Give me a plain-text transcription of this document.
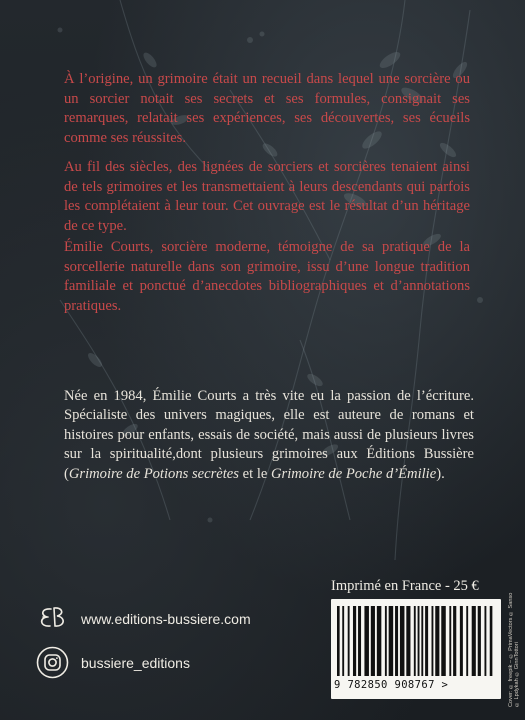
À l’origine, un grimoire était un recueil dans lequel une sorcière ou un sorcier notait ses secrets et ses formules, consignait ses remarques, relatait ses expériences, ses découvertes, ses écueils comme ses réussites.

Au fil des siècles, des lignées de sorciers et sorcières tenaient ainsi de tels grimoires et les transmettaient à leurs descendants qui parfois les complétaient à leur tour. Cet ouvrage est le résultat d’un héritage de ce type.

Émilie Courts, sorcière moderne, témoigne de sa pratique de la sorcellerie naturelle dans son grimoire, issu d’une longue tradition familiale et ponctué d’anecdotes bibliographiques et d’annotations pratiques.

Née en 1984, Émilie Courts a très vite eu la passion de l’écriture. Spécialiste des univers magiques, elle est auteure de romans et histoires pour enfants, essais de société, mais aussi de plusieurs livres sur la spiritualité,dont plusieurs grimoires aux Éditions Bussière (Grimoire de Potions secrètes et le Grimoire de Poche d’Émilie).

Imprimé en France - 25 €
9 782850 908767 >	Cover: © freepik – © PrimaVectors © Sanso
© Lpdykah © GinnTottori
www.editions-bussiere.com
bussiere_editions
